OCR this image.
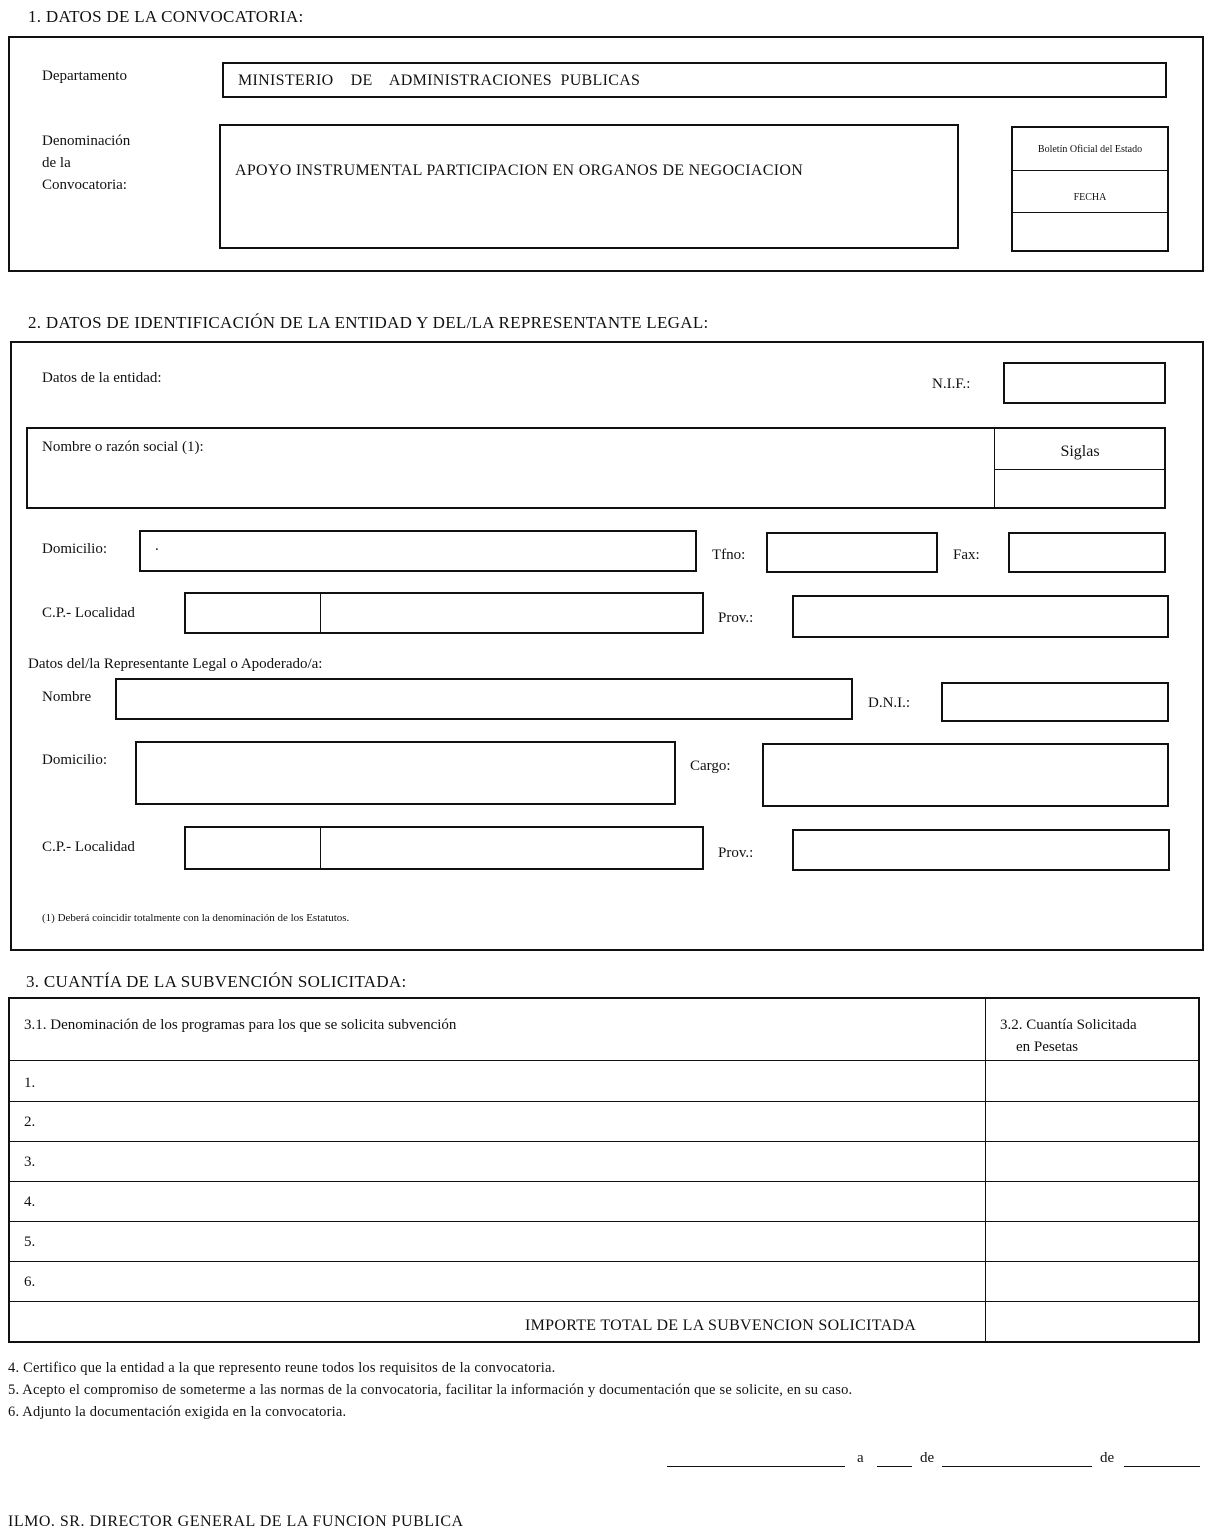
1. DATOS DE LA CONVOCATORIA:
Departamento	MINISTERIO    DE    ADMINISTRACIONES  PUBLICAS
Denominación
de la
Convocatoria:
APOYO INSTRUMENTAL PARTICIPACION EN ORGANOS DE NEGOCIACION
Boletín Oficial del Estado
FECHA
2. DATOS DE IDENTIFICACIÓN DE LA ENTIDAD Y DEL/LA REPRESENTANTE LEGAL:
Datos de la entidad:	N.I.F.:
Nombre o razón social (1):	Siglas
Domicilio:	.
Tfno:	Fax:
C.P.- Localidad	Prov.:
Datos del/la Representante Legal o Apoderado/a:
Nombre	D.N.I.:
Domicilio:	Cargo:
C.P.- Localidad	Prov.:
(1) Deberá coincidir totalmente con la denominación de los Estatutos.
3. CUANTÍA DE LA SUBVENCIÓN SOLICITADA:
3.1. Denominación de los programas para los que se solicita subvención	3.2. Cuantía Solicitada
en Pesetas
1.
2.
3.
4.
5.
6.
IMPORTE TOTAL DE LA SUBVENCION SOLICITADA
4. Certifico que la entidad a la que represento reune todos los requisitos de la convocatoria.
5. Acepto el compromiso de someterme a las normas de la convocatoria, facilitar la información y documentación que se solicite, en su caso.
6. Adjunto la documentación exigida en la convocatoria.
a	de	de
ILMO. SR. DIRECTOR GENERAL DE LA FUNCION PUBLICA
